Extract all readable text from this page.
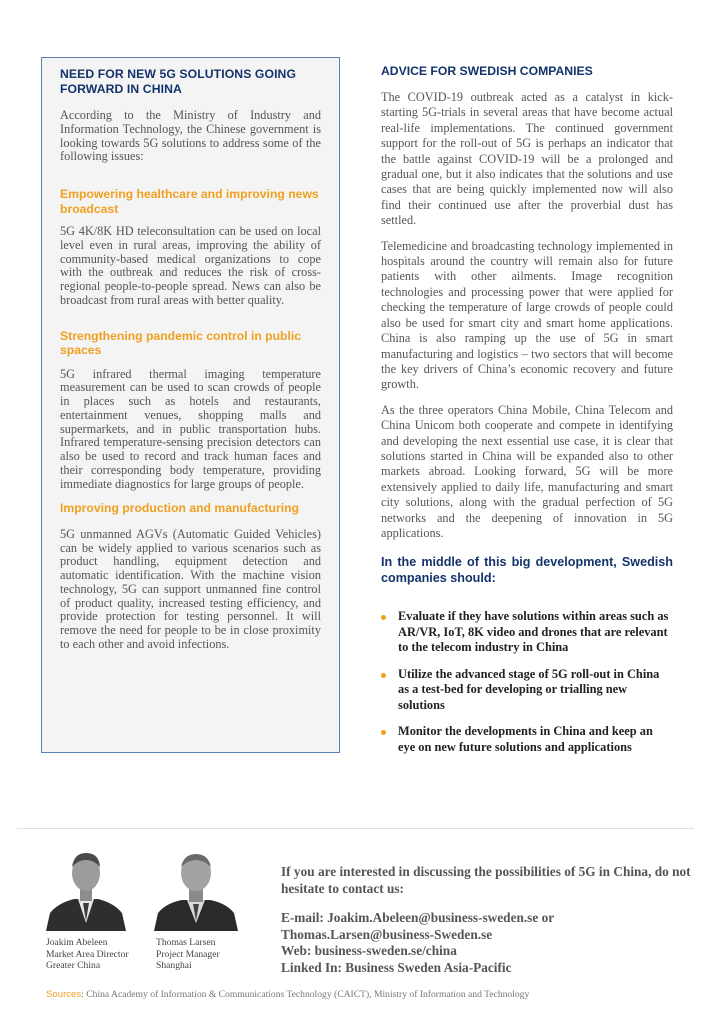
NEED FOR NEW 5G SOLUTIONS GOING FORWARD IN CHINA

According to the Ministry of Industry and Information Technology, the Chinese government is looking towards 5G solutions to address some of the following issues:

Empowering healthcare and improving news broadcast

5G 4K/8K HD teleconsultation can be used on local level even in rural areas, improving the ability of community-based medical organizations to cope with the outbreak and reduces the risk of cross-regional people-to-people spread. News can also be broadcast from rural areas with better quality.

Strengthening pandemic control in public spaces

5G infrared thermal imaging temperature measurement can be used to scan crowds of people in places such as hotels and restaurants, entertainment venues, shopping malls and supermarkets, and in public transportation hubs. Infrared temperature-sensing precision detectors can also be used to record and track human faces and their corresponding body temperature, providing immediate diagnostics for large groups of people.

Improving production and manufacturing

5G unmanned AGVs (Automatic Guided Vehicles) can be widely applied to various scenarios such as product handling, equipment detection and automatic identification. With the machine vision technology, 5G can support unmanned fine control of product quality, increased testing efficiency, and provide protection for testing personnel. It will remove the need for people to be in close proximity to each other and avoid infections.

ADVICE FOR SWEDISH COMPANIES

The COVID-19 outbreak acted as a catalyst in kick-starting 5G-trials in several areas that have become actual real-life implementations. The continued government support for the roll-out of 5G is perhaps an indicator that the battle against COVID-19 will be a prolonged and gradual one, but it also indicates that the solutions and use cases that are being quickly implemented now will also find their continued use after the proverbial dust has settled.

Telemedicine and broadcasting technology implemented in hospitals around the country will remain also for future patients with other ailments. Image recognition technologies and processing power that were applied for checking the temperature of large crowds of people could also be used for smart city and smart home applications. China is also ramping up the use of 5G in smart manufacturing and logistics – two sectors that will become the key drivers of China’s economic recovery and future growth.

As the three operators China Mobile, China Telecom and China Unicom both cooperate and compete in identifying and developing the next essential use case, it is clear that solutions started in China will be expanded also to other markets abroad. Looking forward, 5G will be more extensively applied to daily life, manufacturing and smart city solutions, along with the gradual perfection of 5G networks and the deepening of innovation in 5G applications.

In the middle of this big development, Swedish companies should:
Evaluate if they have solutions within areas such as AR/VR, IoT, 8K video and drones that are relevant to the telecom industry in China
Utilize the advanced stage of 5G roll-out in China as a test-bed for developing or trialling new solutions
Monitor the developments in China and keep an eye on new future solutions and applications
Joakim Abeleen
Market Area Director
Greater China
Thomas Larsen
Project Manager
Shanghai

If you are interested in discussing the possibilities of 5G in China, do not hesitate to contact us:

E-mail: Joakim.Abeleen@business-sweden.se or

Thomas.Larsen@business-Sweden.se

Web: business-sweden.se/china

Linked In: Business Sweden Asia-Pacific

Sources: China Academy of Information & Communications Technology (CAICT), Ministry of Information and Technology
